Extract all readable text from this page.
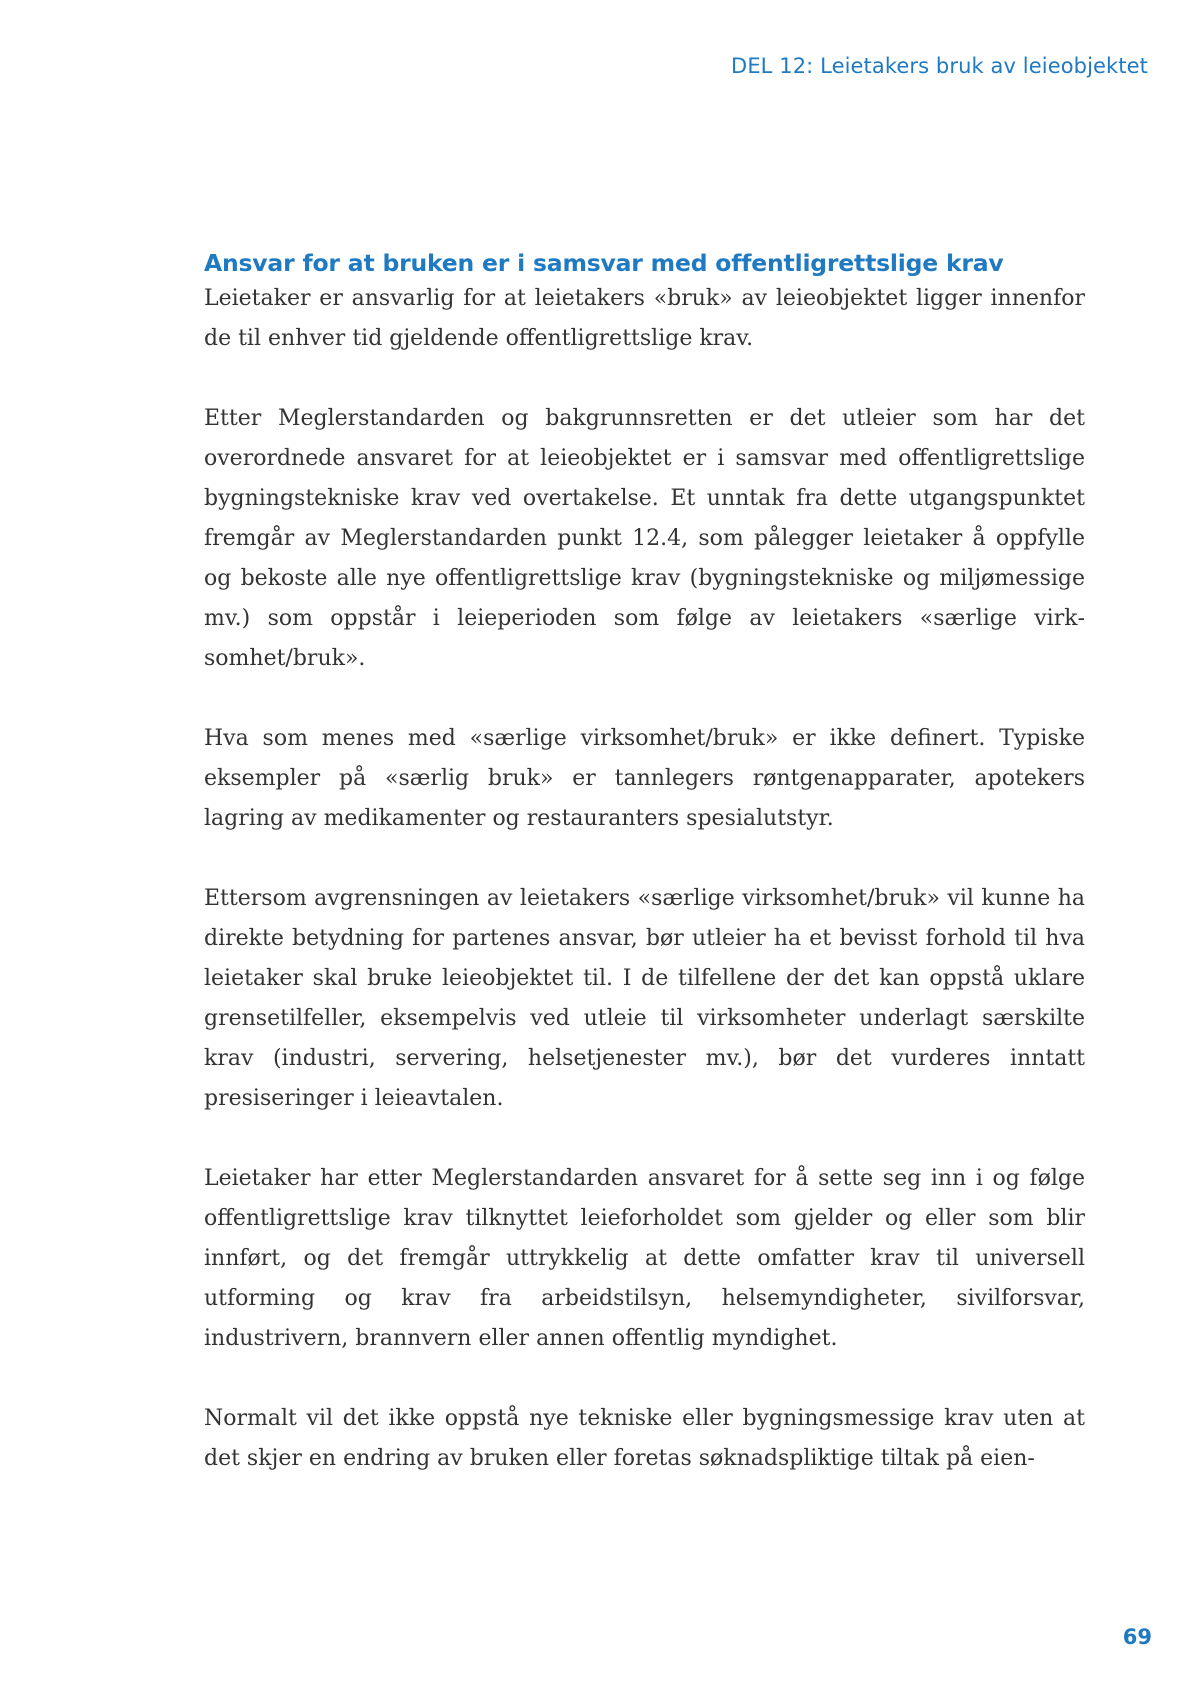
DEL 12: Leietakers bruk av leieobjektet
Ansvar for at bruken er i samsvar med offentligrettslige krav

Leietaker er ansvarlig for at leietakers «bruk» av leieobjektet ligger innenfor de til enhver tid gjeldende offentligrettslige krav.

Etter Meglerstandarden og bakgrunnsretten er det utleier som har det overordnede ansvaret for at leieobjektet er i samsvar med offentligrettslige bygningstekniske krav ved overtakelse. Et unntak fra dette utgangspunktet fremgår av Meglerstandarden punkt 12.4, som pålegger leietaker å oppfylle og bekoste alle nye offentligrettslige krav (bygningstekniske og miljømessige mv.) som oppstår i leieperioden som følge av leietakers «særlige virksomhet/bruk».

Hva som menes med «særlige virksomhet/bruk» er ikke definert. Typiske eksempler på «særlig bruk» er tannlegers røntgenapparater, apotekers lagring av medikamenter og restauranters spesialutstyr.

Ettersom avgrensningen av leietakers «særlige virksomhet/bruk» vil kunne ha direkte betydning for partenes ansvar, bør utleier ha et bevisst forhold til hva leietaker skal bruke leieobjektet til. I de tilfellene der det kan oppstå uklare grensetilfeller, eksempelvis ved utleie til virksomheter underlagt særskilte krav (industri, servering, helsetjenester mv.), bør det vurderes inntatt presiseringer i leieavtalen.

Leietaker har etter Meglerstandarden ansvaret for å sette seg inn i og følge offentligrettslige krav tilknyttet leieforholdet som gjelder og eller som blir innført, og det fremgår uttrykkelig at dette omfatter krav til universell utforming og krav fra arbeidstilsyn, helsemyndigheter, sivilforsvar, industrivern, brannvern eller annen offentlig myndighet.

Normalt vil det ikke oppstå nye tekniske eller bygningsmessige krav uten at det skjer en endring av bruken eller foretas søknadspliktige tiltak på eien-

69
